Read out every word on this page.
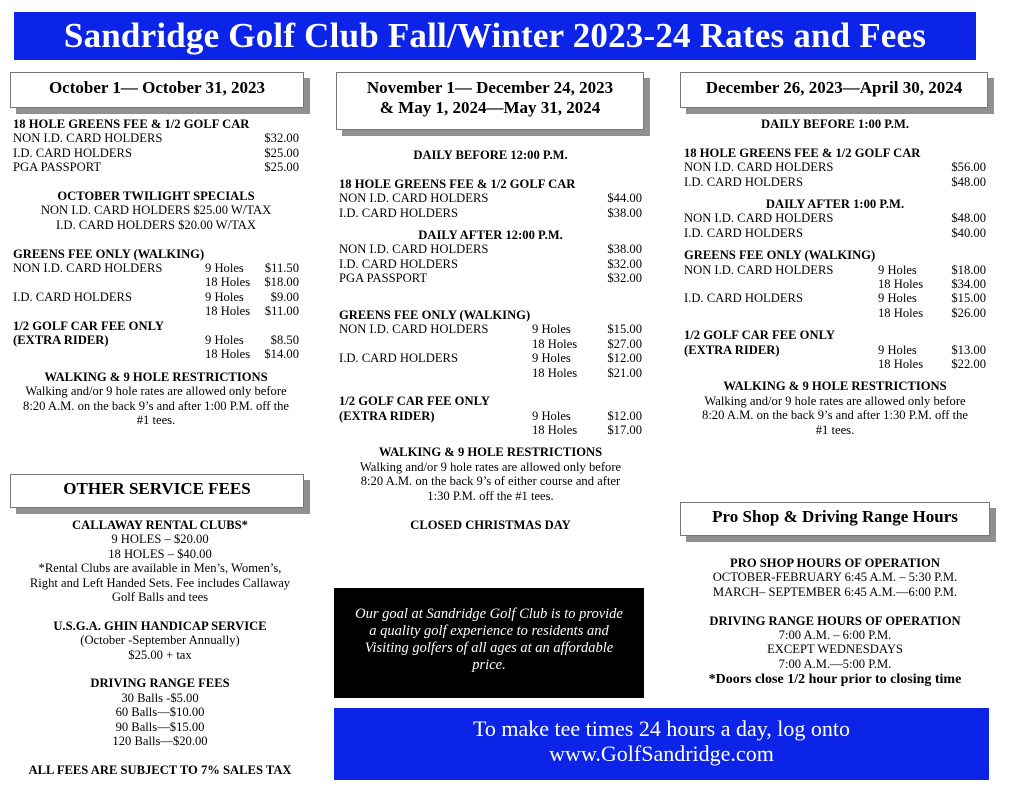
Sandridge Golf Club Fall/Winter 2023-24 Rates and Fees
October 1— October 31, 2023
18 HOLE GREENS FEE & 1/2 GOLF CAR
NON I.D. CARD HOLDERS	$32.00
I.D. CARD HOLDERS	$25.00
PGA PASSPORT	$25.00
OCTOBER TWILIGHT SPECIALS
NON I.D. CARD HOLDERS $25.00 W/TAX
I.D. CARD HOLDERS $20.00 W/TAX
GREENS FEE ONLY (WALKING)
NON I.D. CARD HOLDERS	9 Holes	$11.50
18 Holes	$18.00
I.D. CARD HOLDERS	9 Holes	$9.00
18 Holes	$11.00
1/2 GOLF CAR FEE ONLY
(EXTRA RIDER)	9 Holes	$8.50
18 Holes	$14.00
WALKING & 9 HOLE RESTRICTIONS
Walking and/or 9 hole rates are allowed only before
8:20 A.M. on the back 9’s and after 1:00 P.M. off the
#1 tees.
OTHER SERVICE FEES
CALLAWAY RENTAL CLUBS*
9 HOLES – $20.00
18 HOLES – $40.00
*Rental Clubs are available in Men’s, Women’s,
Right and Left Handed Sets. Fee includes Callaway
Golf Balls and tees
U.S.G.A. GHIN HANDICAP SERVICE
(October -September Annually)
$25.00 + tax
DRIVING RANGE FEES
30 Balls -$5.00
60 Balls—$10.00
90 Balls—$15.00
120 Balls—$20.00
ALL FEES ARE SUBJECT TO 7% SALES TAX
November 1— December 24, 2023
& May 1, 2024—May 31, 2024
DAILY BEFORE 12:00 P.M.
18 HOLE GREENS FEE & 1/2 GOLF CAR
NON I.D. CARD HOLDERS	$44.00
I.D. CARD HOLDERS	$38.00
DAILY AFTER 12:00 P.M.
NON I.D. CARD HOLDERS	$38.00
I.D. CARD HOLDERS	$32.00
PGA PASSPORT	$32.00
GREENS FEE ONLY (WALKING)
NON I.D. CARD HOLDERS	9 Holes	$15.00
18 Holes	$27.00
I.D. CARD HOLDERS	9 Holes	$12.00
18 Holes	$21.00
1/2 GOLF CAR FEE ONLY
(EXTRA RIDER)	9 Holes	$12.00
18 Holes	$17.00
WALKING & 9 HOLE RESTRICTIONS
Walking and/or 9 hole rates are allowed only before
8:20 A.M. on the back 9’s of either course and after
1:30 P.M. off the #1 tees.
CLOSED CHRISTMAS DAY
Our goal at Sandridge Golf Club is to provide
a quality golf experience to residents and
Visiting golfers of all ages at an affordable
price.
December 26, 2023—April 30, 2024
DAILY BEFORE 1:00 P.M.
18 HOLE GREENS FEE & 1/2 GOLF CAR
NON I.D. CARD HOLDERS	$56.00
I.D. CARD HOLDERS	$48.00
DAILY AFTER 1:00 P.M.
NON I.D. CARD HOLDERS	$48.00
I.D. CARD HOLDERS	$40.00
GREENS FEE ONLY (WALKING)
NON I.D. CARD HOLDERS	9 Holes	$18.00
18 Holes	$34.00
I.D. CARD HOLDERS	9 Holes	$15.00
18 Holes	$26.00
1/2 GOLF CAR FEE ONLY
(EXTRA RIDER)	9 Holes	$13.00
18 Holes	$22.00
WALKING & 9 HOLE RESTRICTIONS
Walking and/or 9 hole rates are allowed only before
8:20 A.M. on the back 9’s and after 1:30 P.M. off the
#1 tees.
Pro Shop & Driving Range Hours
PRO SHOP HOURS OF OPERATION
OCTOBER-FEBRUARY 6:45 A.M. – 5:30 P.M.
MARCH– SEPTEMBER 6:45 A.M.—6:00 P.M.
DRIVING RANGE HOURS OF OPERATION
7:00 A.M. – 6:00 P.M.
EXCEPT WEDNESDAYS
7:00 A.M.—5:00 P.M.
*Doors close 1/2 hour prior to closing time
To make tee times 24 hours a day, log onto
www.GolfSandridge.com
